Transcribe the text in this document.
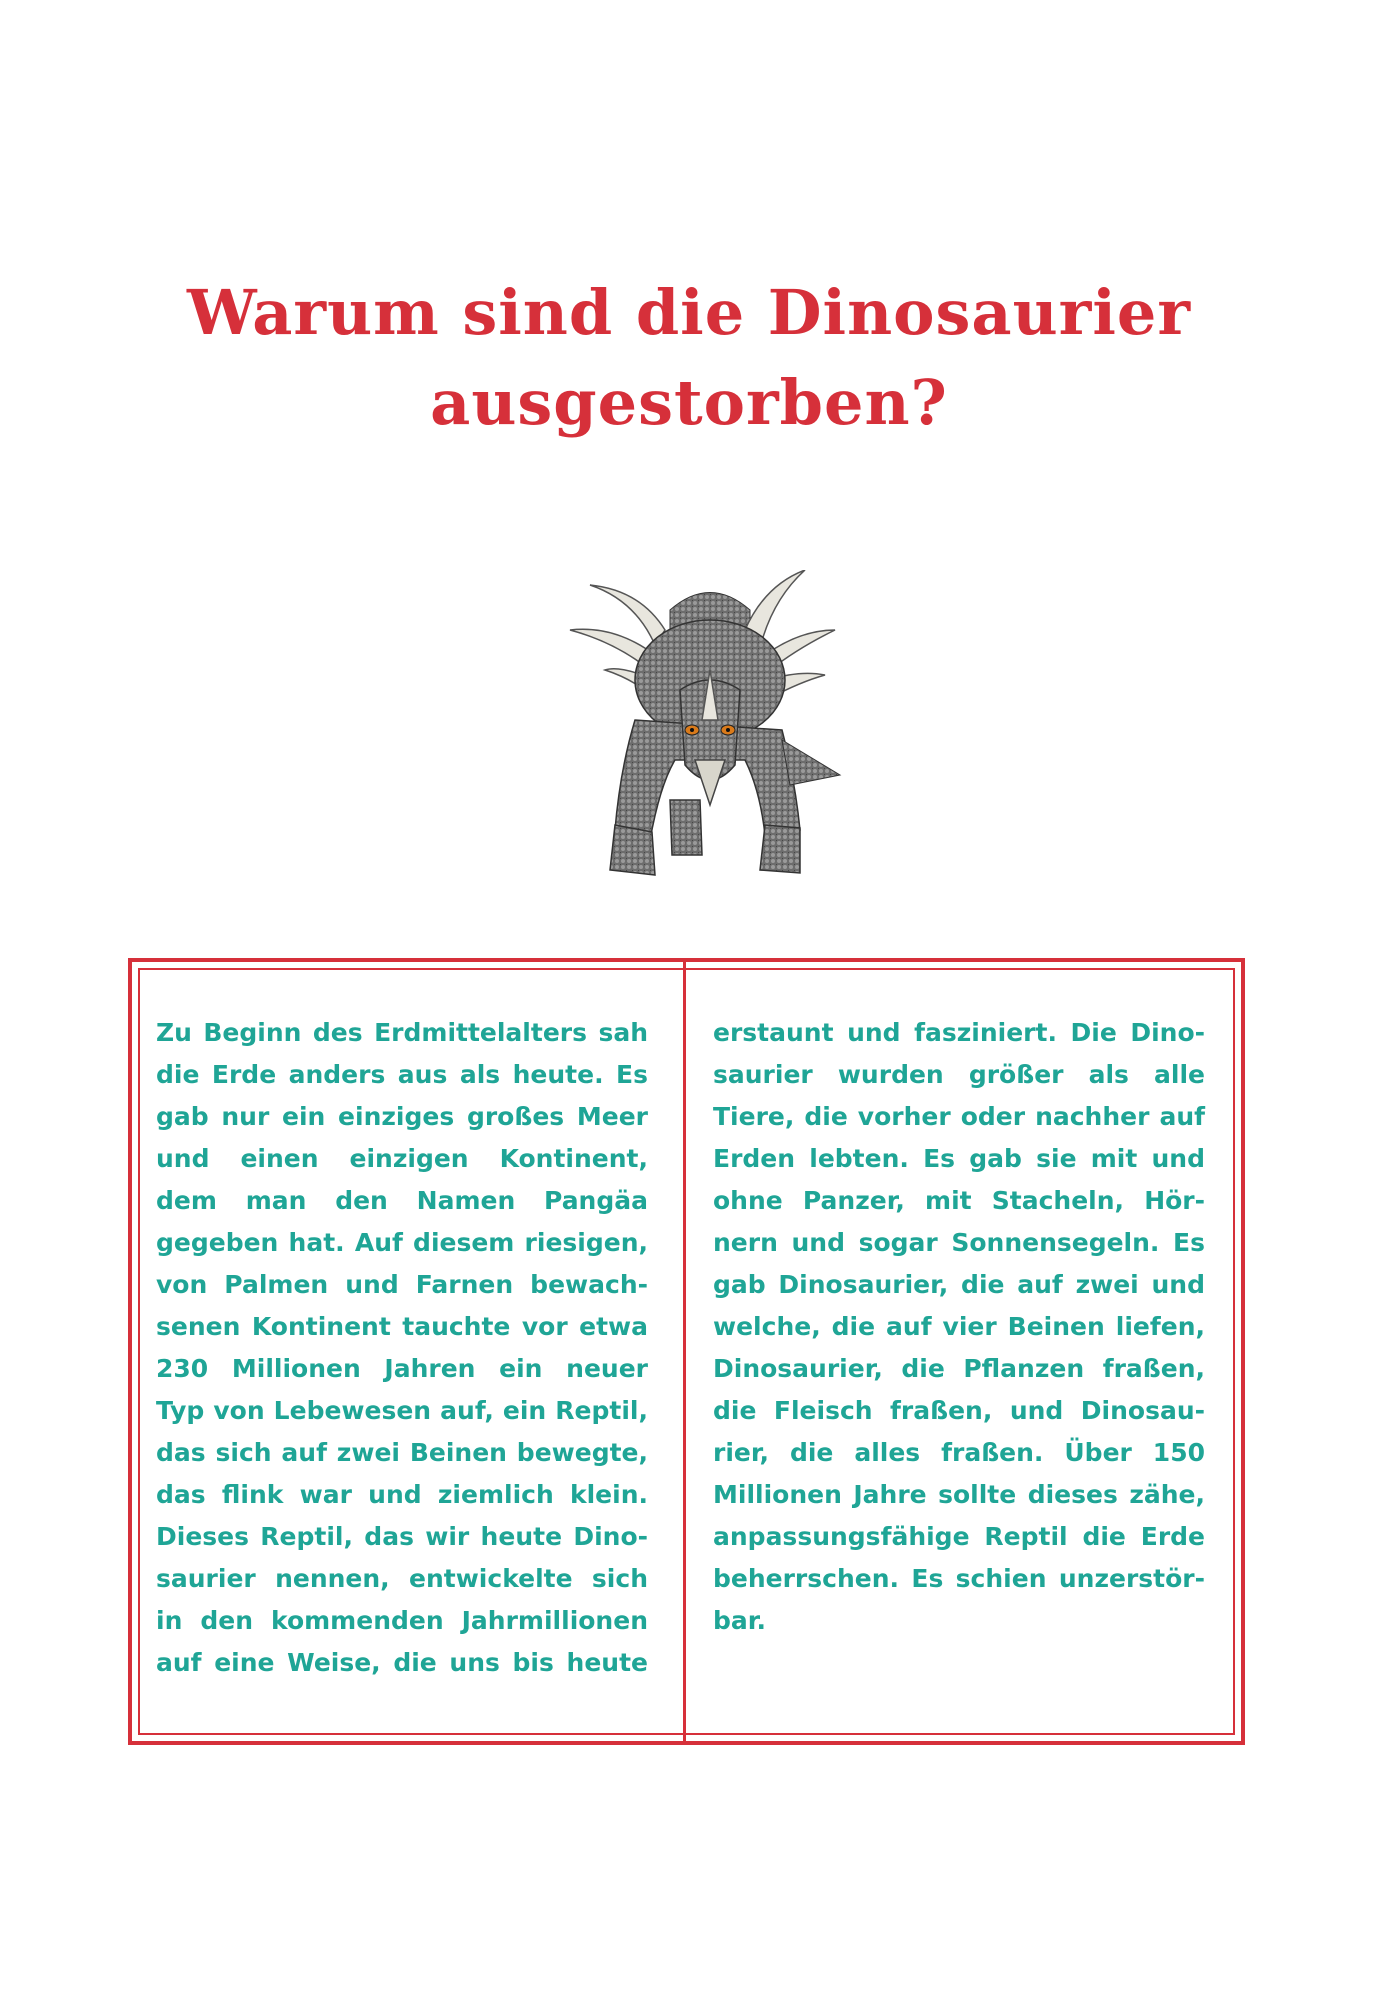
Warum sind die Dinosaurier
ausgestorben?
Zu Beginn des Erdmittelalters sah
die Erde anders aus als heute. Es
gab nur ein einziges großes Meer
und einen einzigen Kontinent,
dem man den Namen Pangäa
gegeben hat. Auf diesem riesigen,
von Palmen und Farnen bewach-
senen Kontinent tauchte vor etwa
230 Millionen Jahren ein neuer
Typ von Lebewesen auf, ein Reptil,
das sich auf zwei Beinen bewegte,
das flink war und ziemlich klein.
Dieses Reptil, das wir heute Dino-
saurier nennen, entwickelte sich
in den kommenden Jahrmillionen
auf eine Weise, die uns bis heute
erstaunt und fasziniert. Die Dino-
saurier wurden größer als alle
Tiere, die vorher oder nachher auf
Erden lebten. Es gab sie mit und
ohne Panzer, mit Stacheln, Hör-
nern und sogar Sonnensegeln. Es
gab Dinosaurier, die auf zwei und
welche, die auf vier Beinen liefen,
Dinosaurier, die Pflanzen fraßen,
die Fleisch fraßen, und Dinosau-
rier, die alles fraßen. Über 150
Millionen Jahre sollte dieses zähe,
anpassungsfähige Reptil die Erde
beherrschen. Es schien unzerstör-
bar.
